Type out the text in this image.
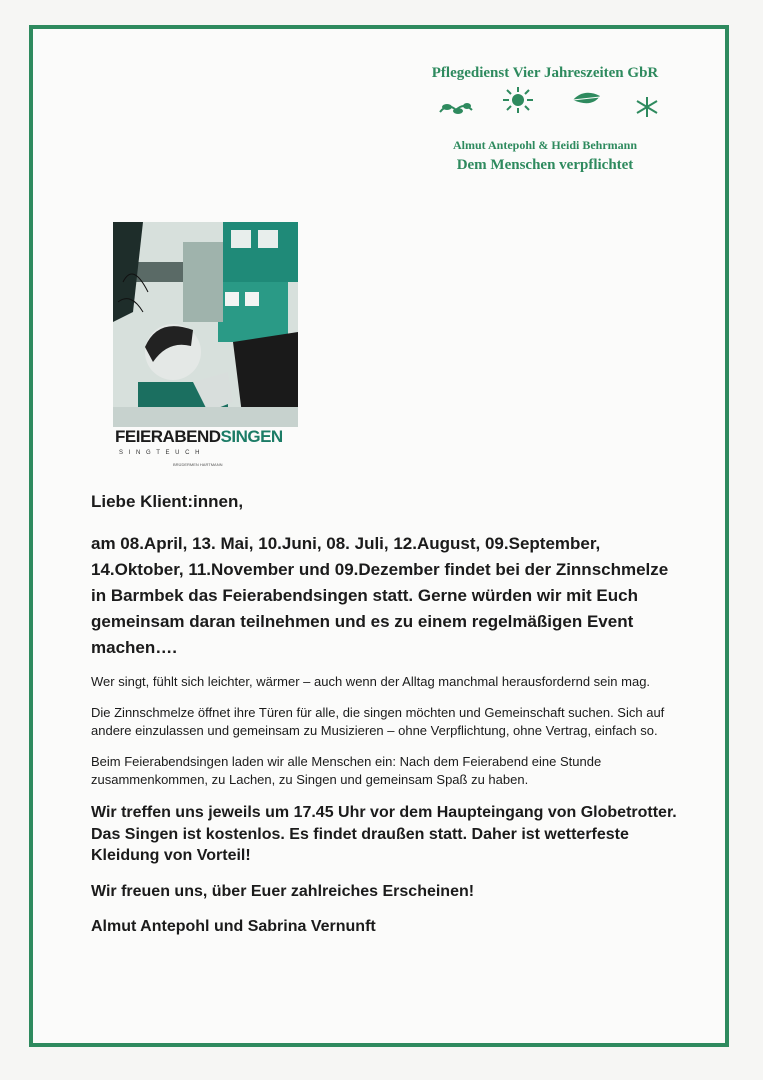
Pflegedienst Vier Jahreszeiten GbR
Almut Antepohl & Heidi Behrmann
Dem Menschen verpflichtet
FEIERABENDSINGEN
S I N G T E U C H
BRÜDERMEN HARTMANN

Liebe Klient:innen,

am 08.April, 13. Mai, 10.Juni, 08. Juli, 12.August, 09.September, 14.Oktober, 11.November und 09.Dezember findet bei der Zinnschmelze in Barmbek das Feierabendsingen statt. Gerne würden wir mit Euch gemeinsam daran teilnehmen und es zu einem regelmäßigen Event machen….

Wer singt, fühlt sich leichter, wärmer – auch wenn der Alltag manchmal herausfordernd sein mag.

Die Zinnschmelze öffnet ihre Türen für alle, die singen möchten und Gemeinschaft suchen. Sich auf andere einzulassen und gemeinsam zu Musizieren – ohne Verpflichtung, ohne Vertrag, einfach so.

Beim Feierabendsingen laden wir alle Menschen ein: Nach dem Feierabend eine Stunde zusammenkommen, zu Lachen, zu Singen und gemeinsam Spaß zu haben.

Wir treffen uns jeweils um 17.45 Uhr vor dem Haupteingang von Globetrotter. Das Singen ist kostenlos. Es findet draußen statt. Daher ist wetterfeste Kleidung von Vorteil!

Wir freuen uns, über Euer zahlreiches Erscheinen!

Almut Antepohl und Sabrina Vernunft
